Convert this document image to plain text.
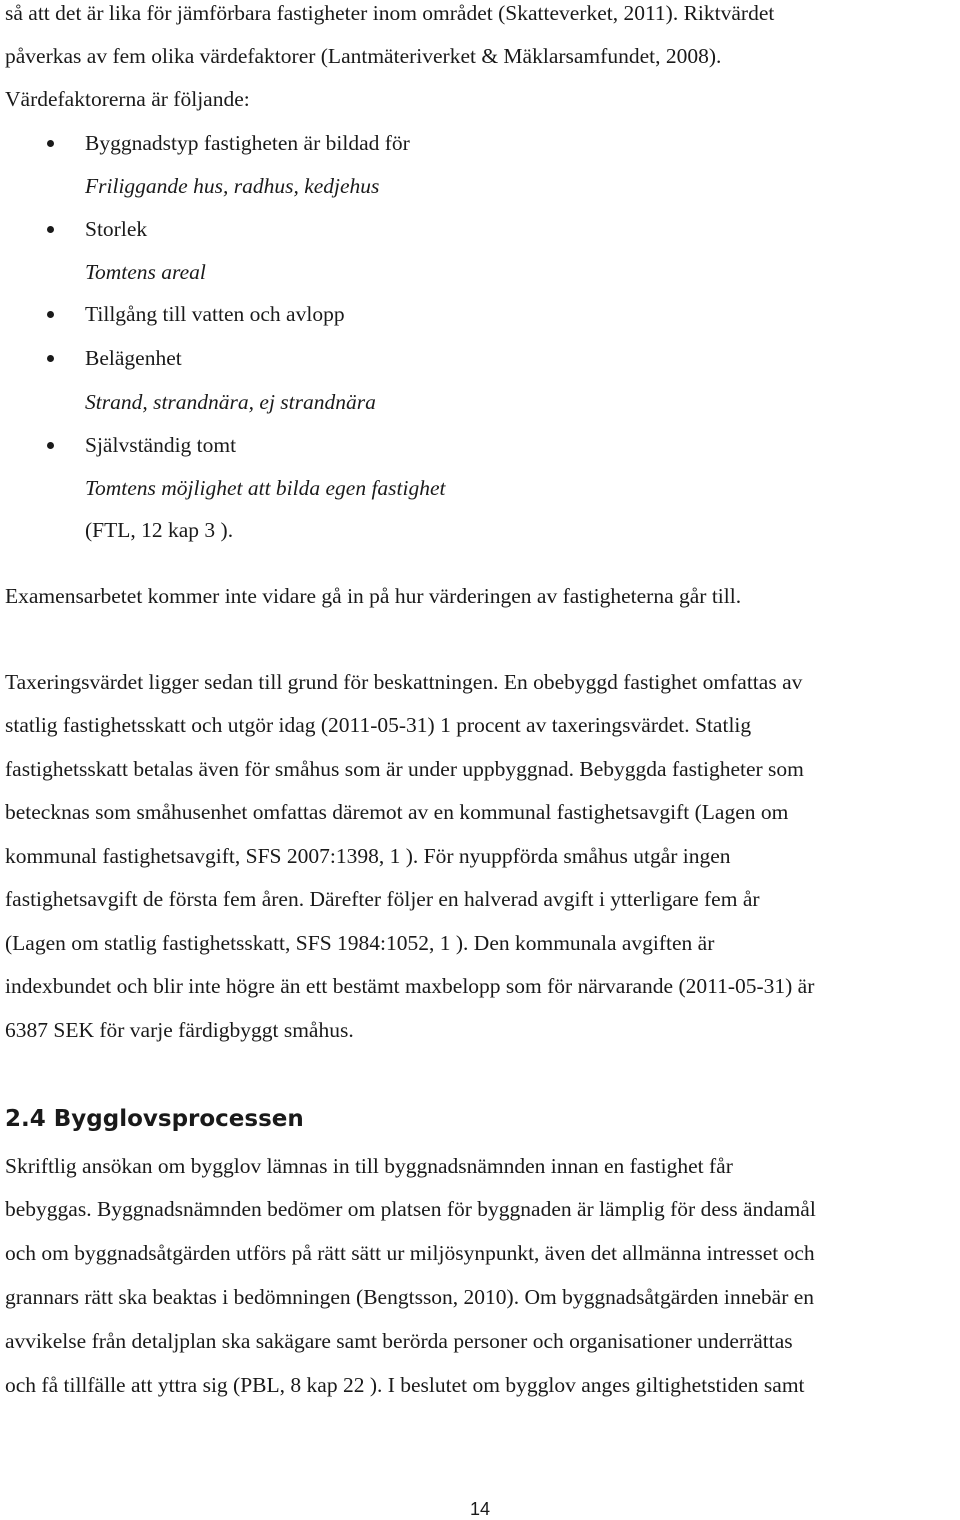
så att det är lika för jämförbara fastigheter inom området (Skatteverket, 2011). Riktvärdet
påverkas av fem olika värdefaktorer (Lantmäteriverket & Mäklarsamfundet, 2008).
Värdefaktorerna är följande:
Byggnadstyp fastigheten är bildad för
Friliggande hus, radhus, kedjehus
Storlek
Tomtens areal
Tillgång till vatten och avlopp
Belägenhet
Strand, strandnära, ej strandnära
Självständig tomt
Tomtens möjlighet att bilda egen fastighet
(FTL, 12 kap 3 ).
Examensarbetet kommer inte vidare gå in på hur värderingen av fastigheterna går till.
Taxeringsvärdet ligger sedan till grund för beskattningen. En obebyggd fastighet omfattas av
statlig fastighetsskatt och utgör idag (2011-05-31) 1 procent av taxeringsvärdet. Statlig
fastighetsskatt betalas även för småhus som är under uppbyggnad. Bebyggda fastigheter som
betecknas som småhusenhet omfattas däremot av en kommunal fastighetsavgift (Lagen om
kommunal fastighetsavgift, SFS 2007:1398, 1 ). För nyuppförda småhus utgår ingen
fastighetsavgift de första fem åren. Därefter följer en halverad avgift i ytterligare fem år
(Lagen om statlig fastighetsskatt, SFS 1984:1052, 1 ). Den kommunala avgiften är
indexbundet och blir inte högre än ett bestämt maxbelopp som för närvarande (2011-05-31) är
6387 SEK för varje färdigbyggt småhus.
2.4 Bygglovsprocessen
Skriftlig ansökan om bygglov lämnas in till byggnadsnämnden innan en fastighet får
bebyggas. Byggnadsnämnden bedömer om platsen för byggnaden är lämplig för dess ändamål
och om byggnadsåtgärden utförs på rätt sätt ur miljösynpunkt, även det allmänna intresset och
grannars rätt ska beaktas i bedömningen (Bengtsson, 2010). Om byggnadsåtgärden innebär en
avvikelse från detaljplan ska sakägare samt berörda personer och organisationer underrättas
och få tillfälle att yttra sig (PBL, 8 kap 22 ). I beslutet om bygglov anges giltighetstiden samt
14
